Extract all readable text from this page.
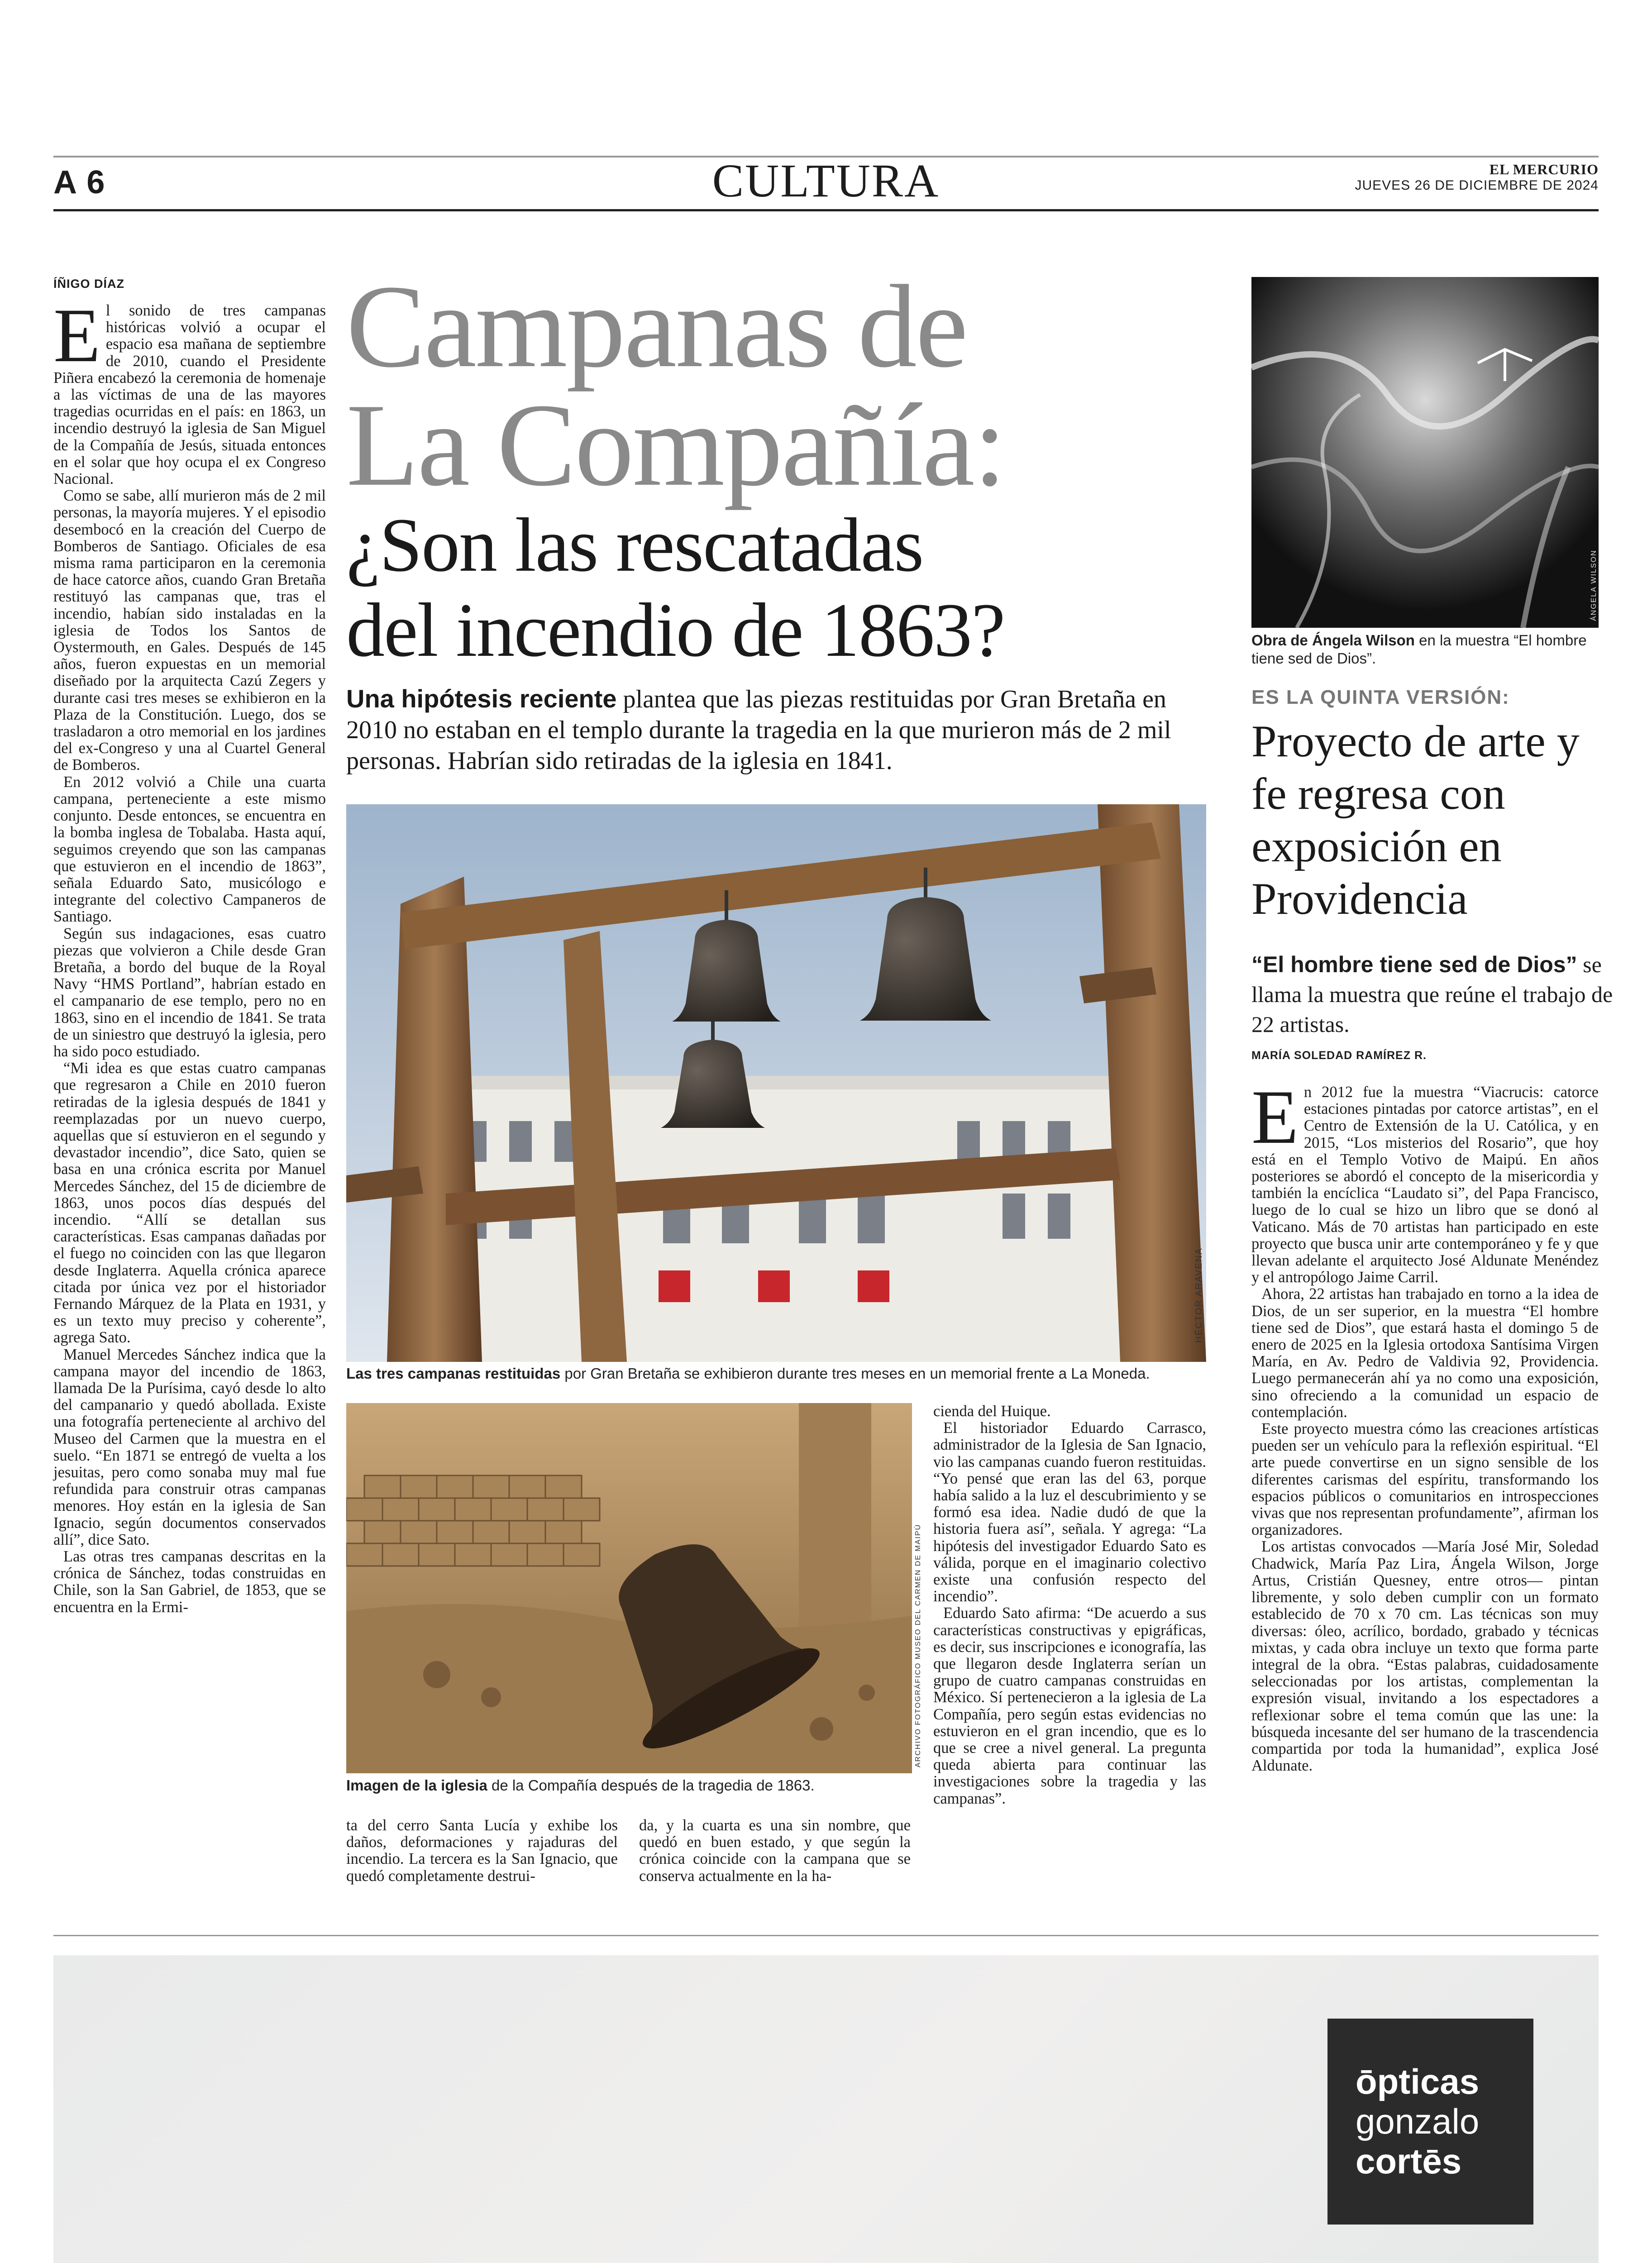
A 6	CULTURA	EL MERCURIO
JUEVES 26 DE DICIEMBRE DE 2024
ÍÑIGO DÍAZ
E l sonido de tres campanas históricas volvió a ocupar el espacio esa mañana de septiembre de 2010, cuando el Presidente Piñera encabezó la ceremonia de homenaje a las víctimas de una de las mayores tragedias ocurridas en el país: en 1863, un incendio destruyó la iglesia de San Miguel de la Compañía de Jesús, situada entonces en el solar que hoy ocupa el ex Congreso Nacional.

Como se sabe, allí murieron más de 2 mil personas, la mayoría mujeres. Y el episodio desembocó en la creación del Cuerpo de Bomberos de Santiago. Oficiales de esa misma rama participaron en la ceremonia de hace catorce años, cuando Gran Bretaña restituyó las campanas que, tras el incendio, habían sido instaladas en la iglesia de Todos los Santos de Oystermouth, en Gales. Después de 145 años, fueron expuestas en un memorial diseñado por la arquitecta Cazú Zegers y durante casi tres meses se exhibieron en la Plaza de la Constitución. Luego, dos se trasladaron a otro memorial en los jardines del ex-Congreso y una al Cuartel General de Bomberos.

En 2012 volvió a Chile una cuarta campana, perteneciente a este mismo conjunto. Desde entonces, se encuentra en la bomba inglesa de Tobalaba. Hasta aquí, seguimos creyendo que son las campanas que estuvieron en el incendio de 1863”, señala Eduardo Sato, musicólogo e integrante del colectivo Campaneros de Santiago.

Según sus indagaciones, esas cuatro piezas que volvieron a Chile desde Gran Bretaña, a bordo del buque de la Royal Navy “HMS Portland”, habrían estado en el campanario de ese templo, pero no en 1863, sino en el incendio de 1841. Se trata de un siniestro que destruyó la iglesia, pero ha sido poco estudiado.

“Mi idea es que estas cuatro campanas que regresaron a Chile en 2010 fueron retiradas de la iglesia después de 1841 y reemplazadas por un nuevo cuerpo, aquellas que sí estuvieron en el segundo y devastador incendio”, dice Sato, quien se basa en una crónica escrita por Manuel Mercedes Sánchez, del 15 de diciembre de 1863, unos pocos días después del incendio. “Allí se detallan sus características. Esas campanas dañadas por el fuego no coinciden con las que llegaron desde Inglaterra. Aquella crónica aparece citada por única vez por el historiador Fernando Márquez de la Plata en 1931, y es un texto muy preciso y coherente”, agrega Sato.

Manuel Mercedes Sánchez indica que la campana mayor del incendio de 1863, llamada De la Purísima, cayó desde lo alto del campanario y quedó abollada. Existe una fotografía perteneciente al archivo del Museo del Carmen que la muestra en el suelo. “En 1871 se entregó de vuelta a los jesuitas, pero como sonaba muy mal fue refundida para construir otras campanas menores. Hoy están en la iglesia de San Ignacio, según documentos conservados allí”, dice Sato.

Las otras tres campanas descritas en la crónica de Sánchez, todas construidas en Chile, son la San Gabriel, de 1853, que se encuentra en la Ermi-

Campanas de
La Compañía:
¿Son las rescatadas
del incendio de 1863?
Una hipótesis reciente plantea que las piezas restituidas por Gran Bretaña en 2010 no estaban en el templo durante la tragedia en la que murieron más de 2 mil personas. Habrían sido retiradas de la iglesia en 1841.
HÉCTOR ARAVENA
Las tres campanas restituidas por Gran Bretaña se exhibieron durante tres meses en un memorial frente a La Moneda.
ARCHIVO FOTOGRÁFICO MUSEO DEL CARMEN DE MAIPÚ
Imagen de la iglesia de la Compañía después de la tragedia de 1863.

ta del cerro Santa Lucía y exhibe los daños, deformaciones y rajaduras del incendio. La tercera es la San Ignacio, que quedó completamente destrui-

da, y la cuarta es una sin nombre, que quedó en buen estado, y que según la crónica coincide con la campana que se conserva actualmente en la ha-

cienda del Huique.

El historiador Eduardo Carrasco, administrador de la Iglesia de San Ignacio, vio las campanas cuando fueron restituidas. “Yo pensé que eran las del 63, porque había salido a la luz el descubrimiento y se formó esa idea. Nadie dudó de que la historia fuera así”, señala. Y agrega: “La hipótesis del investigador Eduardo Sato es válida, porque en el imaginario colectivo existe una confusión respecto del incendio”.

Eduardo Sato afirma: “De acuerdo a sus características constructivas y epigráficas, es decir, sus inscripciones e iconografía, las que llegaron desde Inglaterra serían un grupo de cuatro campanas construidas en México. Sí pertenecieron a la iglesia de La Compañía, pero según estas evidencias no estuvieron en el gran incendio, que es lo que se cree a nivel general. La pregunta queda abierta para continuar las investigaciones sobre la tragedia y las campanas”.

ÁNGELA WILSON
Obra de Ángela Wilson en la muestra “El hombre tiene sed de Dios”.
ES LA QUINTA VERSIÓN:
Proyecto de arte y fe regresa con exposición en Providencia
“El hombre tiene sed de Dios” se llama la muestra que reúne el trabajo de 22 artistas.
MARÍA SOLEDAD RAMÍREZ R.
E n 2012 fue la muestra “Viacrucis: catorce estaciones pintadas por catorce artistas”, en el Centro de Extensión de la U. Católica, y en 2015, “Los misterios del Rosario”, que hoy está en el Templo Votivo de Maipú. En años posteriores se abordó el concepto de la misericordia y también la encíclica “Laudato si”, del Papa Francisco, luego de lo cual se hizo un libro que se donó al Vaticano. Más de 70 artistas han participado en este proyecto que busca unir arte contemporáneo y fe y que llevan adelante el arquitecto José Aldunate Menéndez y el antropólogo Jaime Carril.

Ahora, 22 artistas han trabajado en torno a la idea de Dios, de un ser superior, en la muestra “El hombre tiene sed de Dios”, que estará hasta el domingo 5 de enero de 2025 en la Iglesia ortodoxa Santísima Virgen María, en Av. Pedro de Valdivia 92, Providencia. Luego permanecerán ahí ya no como una exposición, sino ofreciendo a la comunidad un espacio de contemplación.

Este proyecto muestra cómo las creaciones artísticas pueden ser un vehículo para la reflexión espiritual. “El arte puede convertirse en un signo sensible de los diferentes carismas del espíritu, transformando los espacios públicos o comunitarios en introspecciones vivas que nos representan profundamente”, afirman los organizadores.

Los artistas convocados —María José Mir, Soledad Chadwick, María Paz Lira, Ángela Wilson, Jorge Artus, Cristián Quesney, entre otros— pintan libremente, y solo deben cumplir con un formato establecido de 70 x 70 cm. Las técnicas son muy diversas: óleo, acrílico, bordado, grabado y técnicas mixtas, y cada obra incluye un texto que forma parte integral de la obra. “Estas palabras, cuidadosamente seleccionadas por los artistas, complementan la expresión visual, invitando a los espectadores a reflexionar sobre el tema común que las une: la búsqueda incesante del ser humano de la trascendencia compartida por toda la humanidad”, explica José Aldunate.

ōpticas
gonzalo
cortēs
